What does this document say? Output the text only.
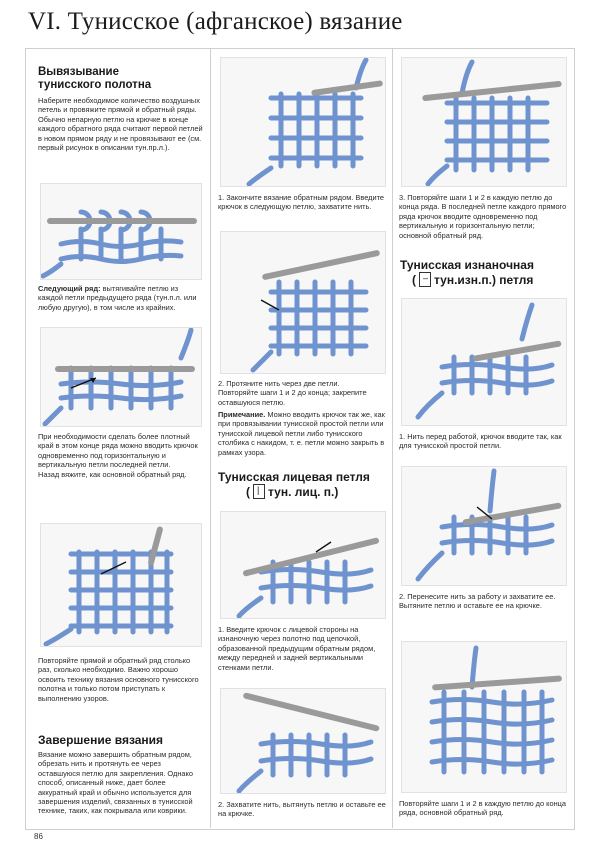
VI. Тунисское (афганское) вязание
Вывязывание
тунисского полотна
Наберите необходимое количество воздушных петель и провяжите прямой и обратный ряды. Обычно непарную петлю на крючке в конце каждого обратного ряда считают первой петлей в новом прямом ряду и не провязывают ее (см. первый рисунок в описании тун.пр.л.).
Следующий ряд: вытягивайте петлю из каждой петли предыдущего ряда (тун.п.л. или любую другую), в том числе из крайних.
При необходимости сделать более плотный край в этом конце ряда можно вводить крючок одновременно под горизонтальную и вертикальную петли последней петли.
Назад вяжите, как основной обратный ряд.
Повторяйте прямой и обратный ряд столько раз, сколько необходимо. Важно хорошо освоить технику вязания основного тунисского полотна и только потом приступать к выполнению узоров.
Завершение вязания
Вязание можно завершить обратным рядом, обрезать нить и протянуть ее через оставшуюся петлю для закрепления. Однако способ, описанный ниже, дает более аккуратный край и обычно используется для завершения изделий, связанных в тунисской технике, таких, как покрывала или коврики.
86
1. Закончите вязание обратным рядом. Введите крючок в следующую петлю, захватите нить.
2. Протяните нить через две петли.
Повторяйте шаги 1 и 2 до конца; закрепите оставшуюся петлю.
Примечание. Можно вводить крючок так же, как при провязывании тунисской простой петли или тунисской лицевой петли либо тунисского столбика с накидом, т. е. петли можно закрыть в рамках узора.
Тунисская лицевая петля
( | тун. лиц. п.)
1. Введите крючок с лицевой стороны на изнаночную через полотно под цепочкой, образованной предыдущим обратным рядом, между передней и задней вертикальными стенками петли.
2. Захватите нить, вытянуть петлю и оставьте ее на крючке.
3. Повторяйте шаги 1 и 2 в каждую петлю до конца ряда. В последней петле каждого прямого ряда крючок вводите одновременно под вертикальную и горизонтальную петли; основной обратный ряд.
Тунисская изнаночная
( – тун.изн.п.) петля
1. Нить перед работой, крючок вводите так, как для тунисской простой петли.
2. Перенесите нить за работу и захватите ее. Вытяните петлю и оставьте ее на крючке.
Повторяйте шаги 1 и 2 в каждую петлю до конца ряда, основной обратный ряд.
